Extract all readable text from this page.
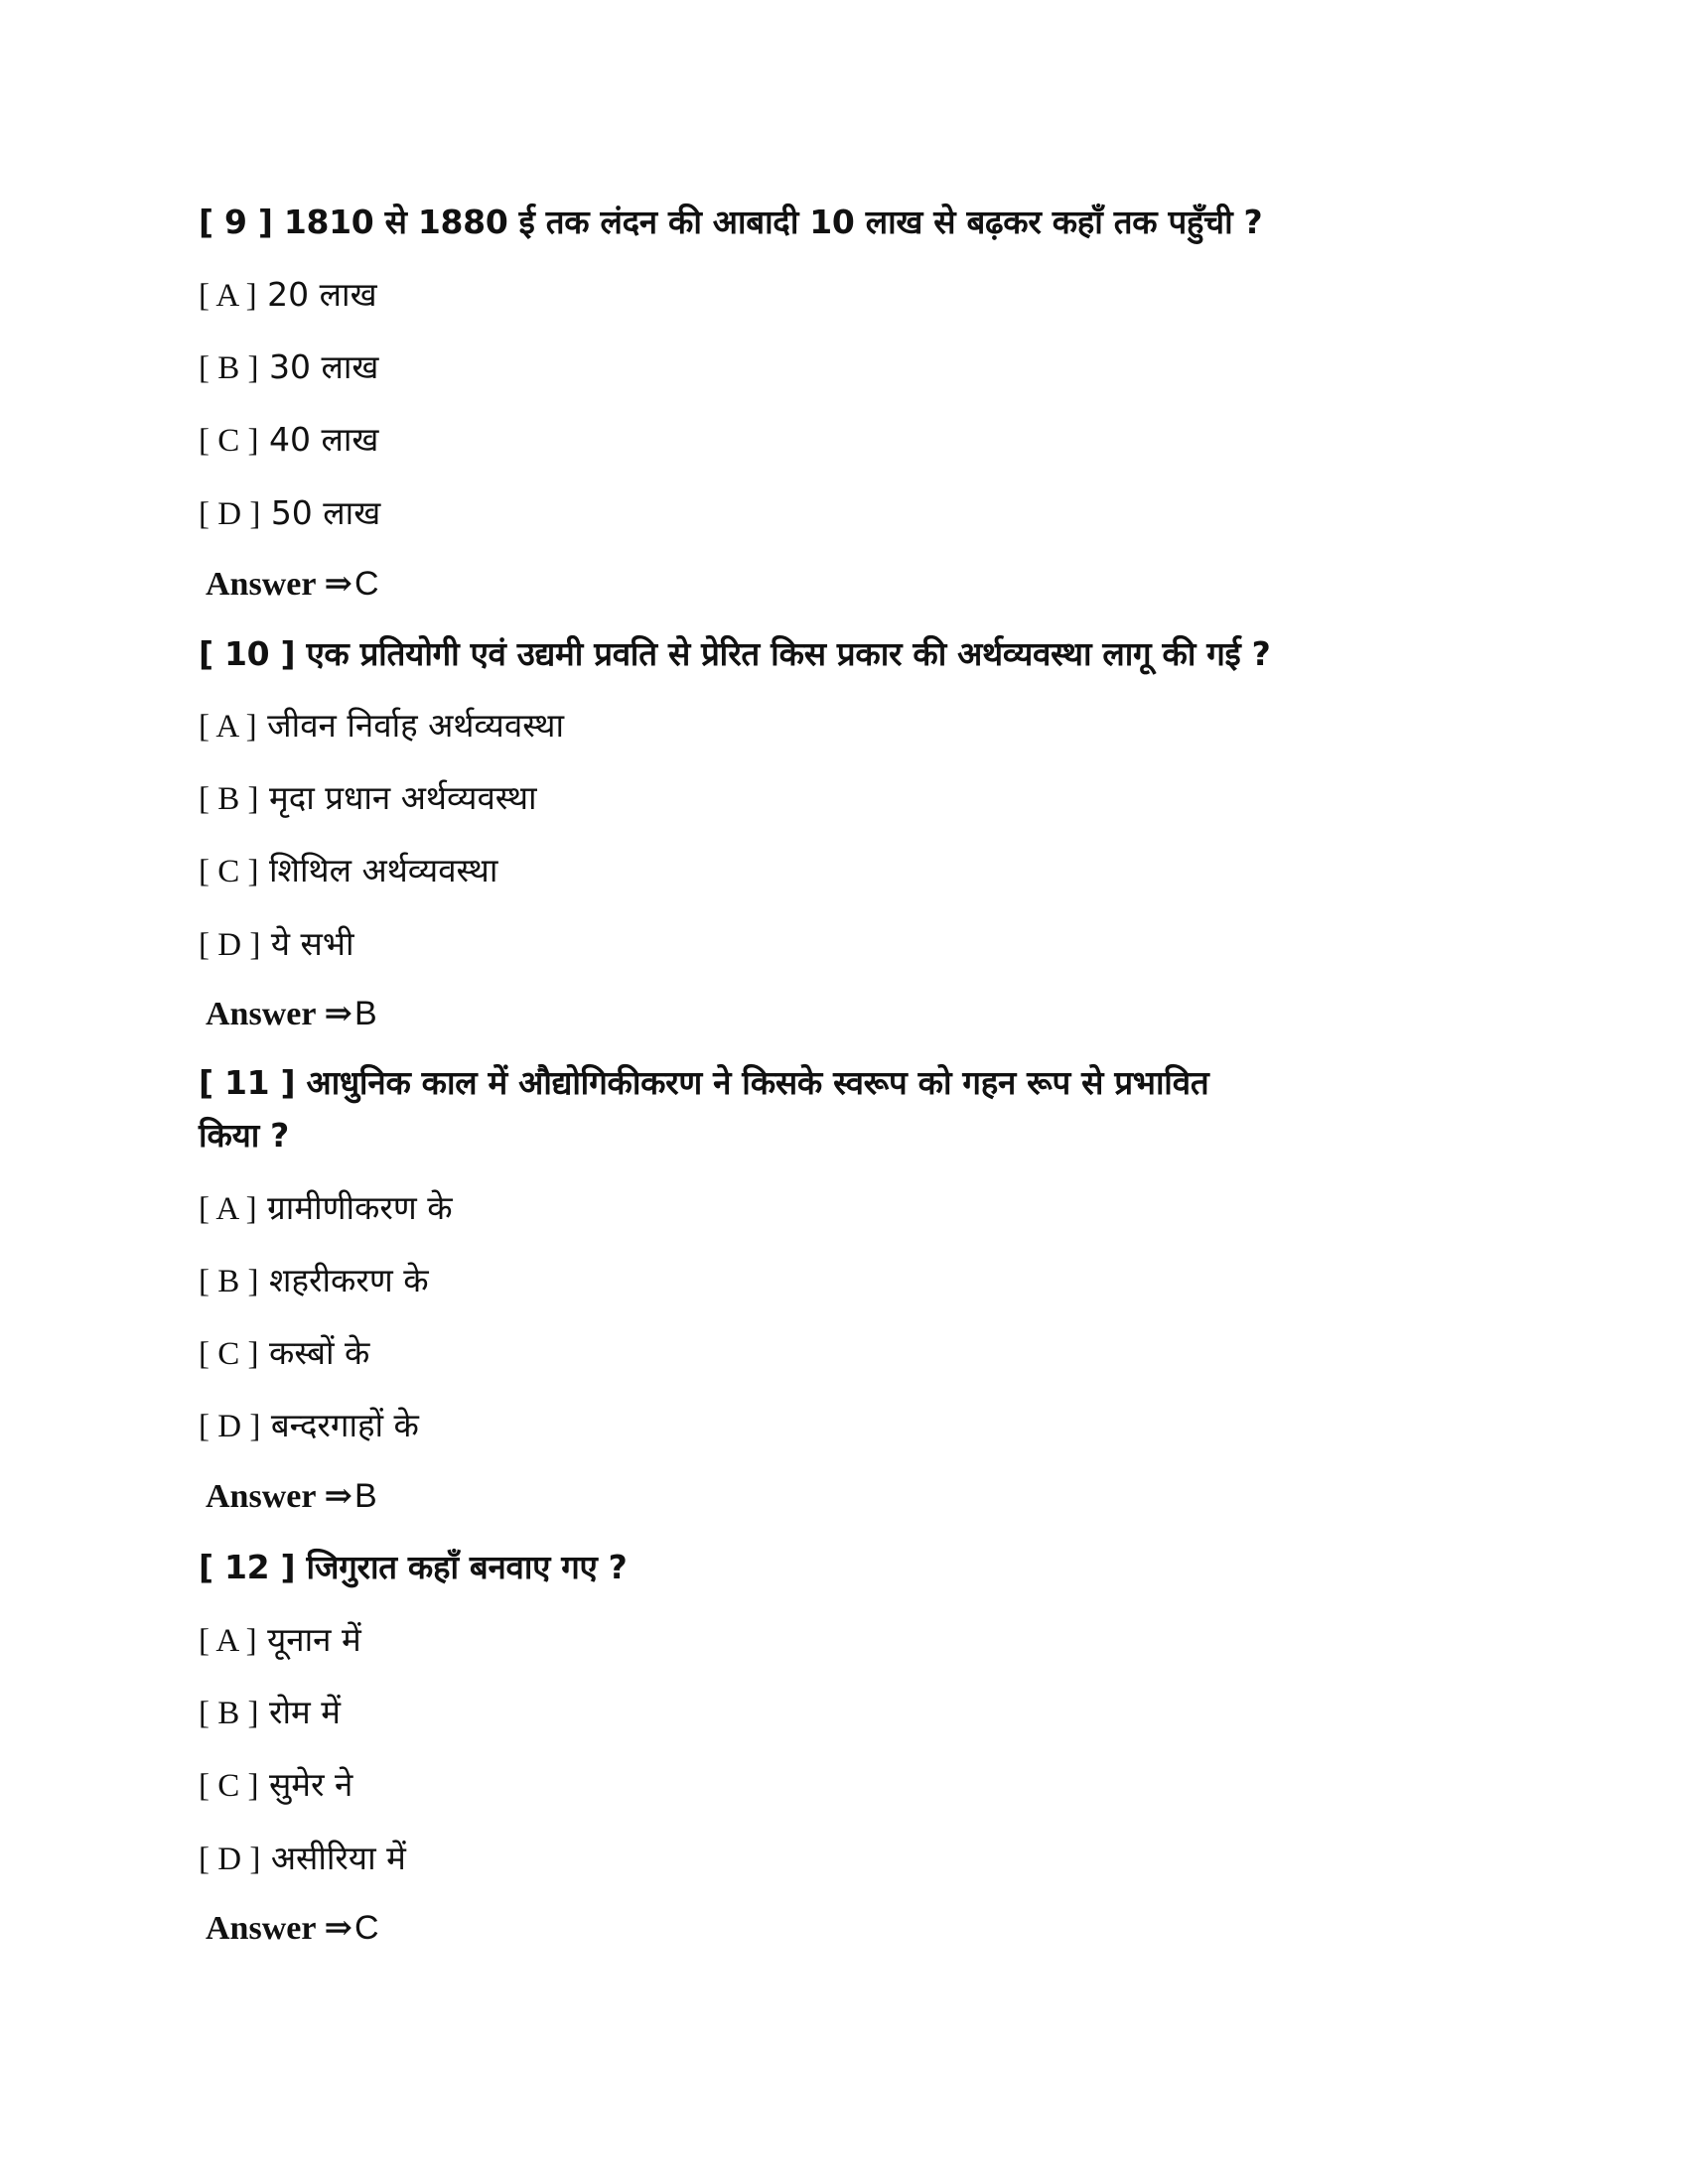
[ 9 ] 1810 से 1880 ई तक लंदन की आबादी 10 लाख से बढ़कर कहाँ तक पहुँची ?
[ A ] 20 लाख
[ B ] 30 लाख
[ C ] 40 लाख
[ D ] 50 लाख
Answer ⇒C
[ 10 ] एक प्रतियोगी एवं उद्यमी प्रवति से प्रेरित किस प्रकार की अर्थव्यवस्था लागू की गई ?
[ A ] जीवन निर्वाह अर्थव्यवस्था
[ B ] मृदा प्रधान अर्थव्यवस्था
[ C ] शिथिल अर्थव्यवस्था
[ D ] ये सभी
Answer ⇒B
[ 11 ] आधुनिक काल में औद्योगिकीकरण ने किसके स्वरूप को गहन रूप से प्रभावित
किया ?
[ A ] ग्रामीणीकरण के
[ B ] शहरीकरण के
[ C ] कस्बों के
[ D ] बन्दरगाहों के
Answer ⇒B
[ 12 ] जिगुरात कहाँ बनवाए गए ?
[ A ] यूनान में
[ B ] रोम में
[ C ] सुमेर ने
[ D ] असीरिया में
Answer ⇒C
